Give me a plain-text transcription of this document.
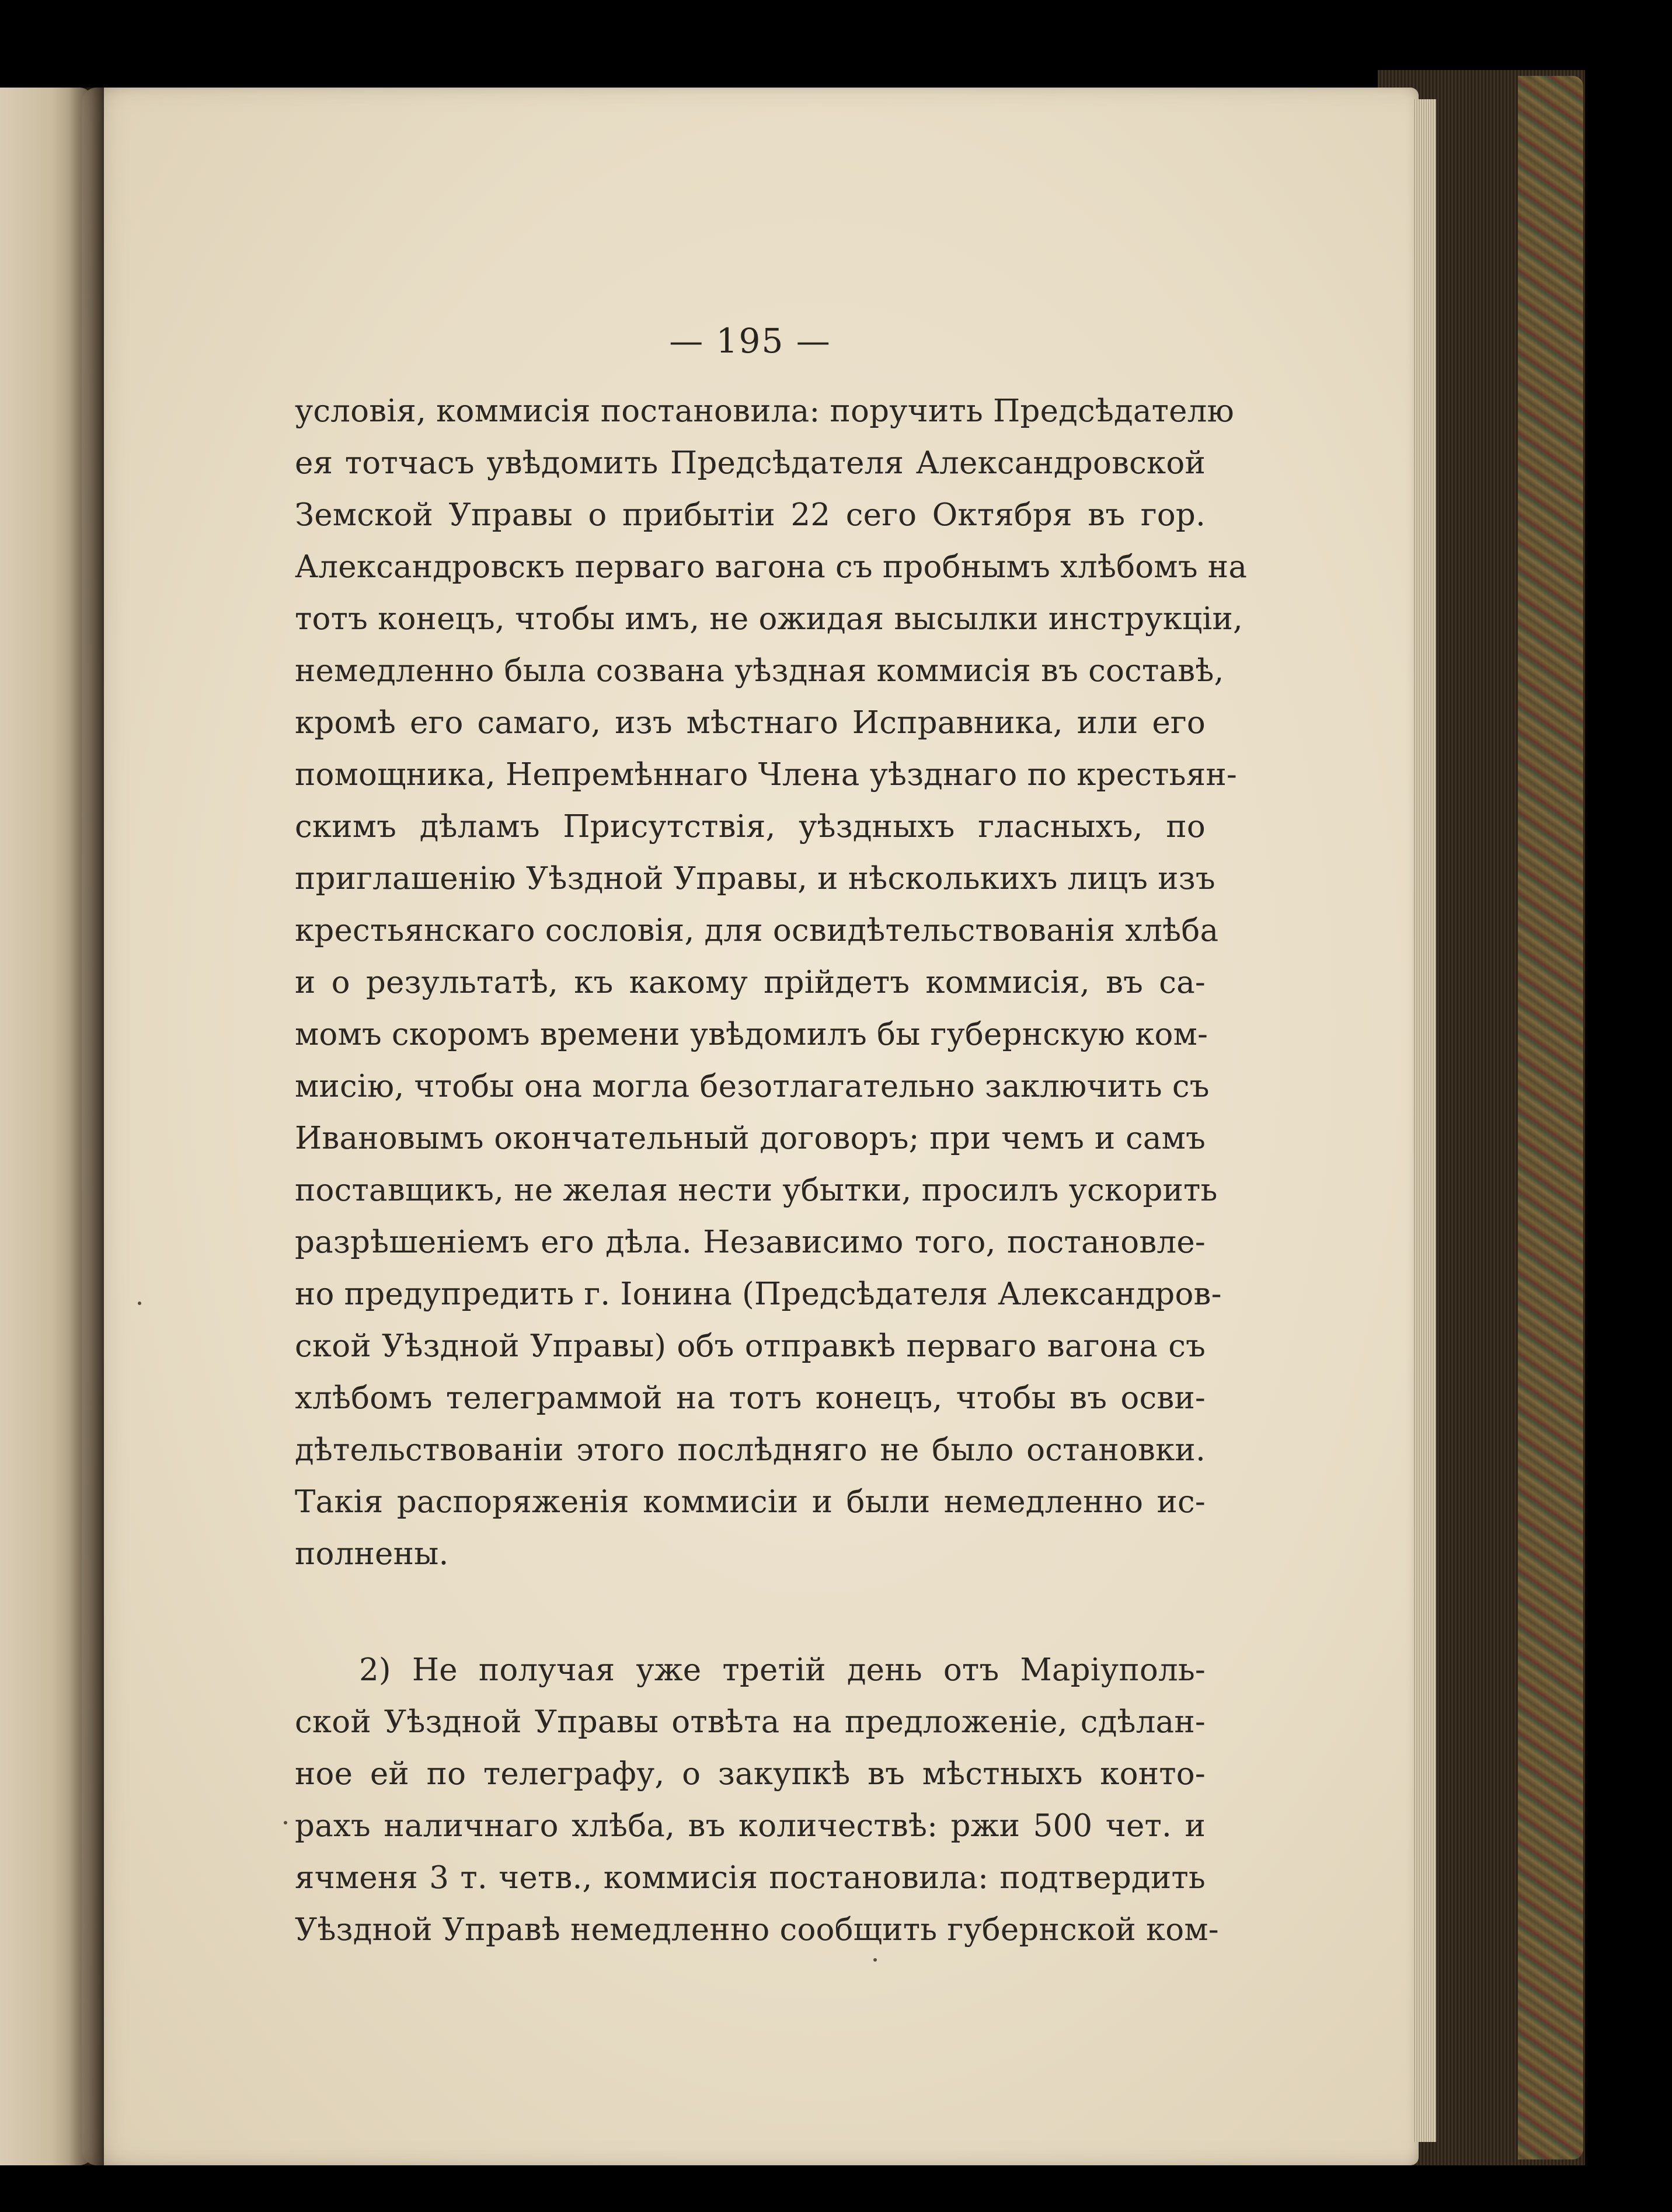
— 195 —
условія, коммисія постановила: поручить Предсѣдателю
ея тотчасъ увѣдомить Предсѣдателя Александровской
Земской Управы о прибытіи 22 сего Октября въ гор.
Александровскъ перваго вагона съ пробнымъ хлѣбомъ на
тотъ конецъ, чтобы имъ, не ожидая высылки инструкціи,
немедленно была созвана уѣздная коммисія въ составѣ,
кромѣ его самаго, изъ мѣстнаго Исправника, или его
помощника, Непремѣннаго Члена уѣзднаго по крестьян-
скимъ дѣламъ Присутствія, уѣздныхъ гласныхъ, по
приглашенію Уѣздной Управы, и нѣсколькихъ лицъ изъ
крестьянскаго сословія, для освидѣтельствованія хлѣба
и о результатѣ, къ какому прійдетъ коммисія, въ са-
момъ скоромъ времени увѣдомилъ бы губернскую ком-
мисію, чтобы она могла безотлагательно заключить съ
Ивановымъ окончательный договоръ; при чемъ и самъ
поставщикъ, не желая нести убытки, просилъ ускорить
разрѣшеніемъ его дѣла. Независимо того, постановле-
но предупредить г. Іонина (Предсѣдателя Александров-
ской Уѣздной Управы) объ отправкѣ перваго вагона съ
хлѣбомъ телеграммой на тотъ конецъ, чтобы въ осви-
дѣтельствованіи этого послѣдняго не было остановки.
Такія распоряженія коммисіи и были немедленно ис-
полнены.
2) Не получая уже третій день отъ Маріуполь-
ской Уѣздной Управы отвѣта на предложеніе, сдѣлан-
ное ей по телеграфу, о закупкѣ въ мѣстныхъ конто-
рахъ наличнаго хлѣба, въ количествѣ: ржи 500 чет. и
ячменя 3 т. четв., коммисія постановила: подтвердить
Уѣздной Управѣ немедленно сообщить губернской ком-
